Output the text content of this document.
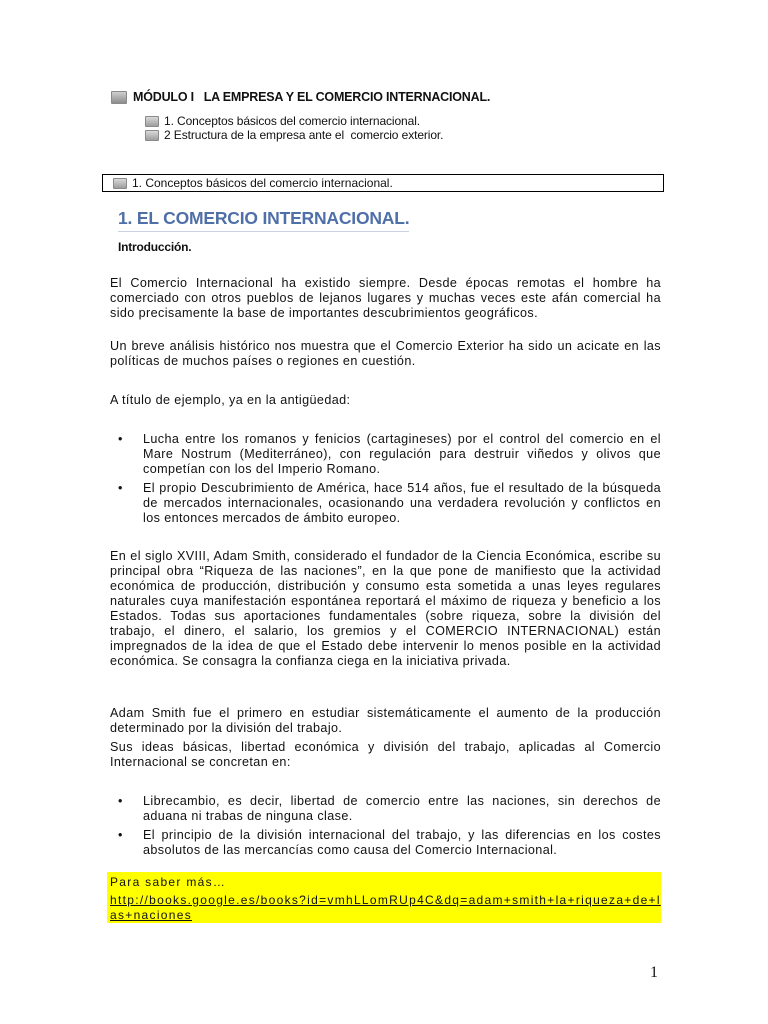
MÓDULO I   LA EMPRESA Y EL COMERCIO INTERNACIONAL.
1. Conceptos básicos del comercio internacional.
2 Estructura de la empresa ante el  comercio exterior.
1. Conceptos básicos del comercio internacional.
1. EL COMERCIO INTERNACIONAL.
Introducción.

El Comercio Internacional ha existido siempre. Desde épocas remotas el hombre ha comerciado con otros pueblos de lejanos lugares y muchas veces este afán comercial ha sido precisamente la base de importantes descubrimientos geográficos.

Un breve análisis histórico nos muestra que el Comercio Exterior ha sido un acicate en las políticas de muchos países o regiones en cuestión.

A título de ejemplo, ya en la antigüedad:

• Lucha entre los romanos y fenicios (cartagineses) por el control del comercio en el Mare Nostrum (Mediterráneo), con regulación para destruir viñedos y olivos que competían con los del Imperio Romano.
• El propio Descubrimiento de América, hace 514 años, fue el resultado de la búsqueda de mercados internacionales, ocasionando una verdadera revolución y conflictos en los entonces mercados de ámbito europeo.

En el siglo XVIII, Adam Smith, considerado el fundador de la Ciencia Económica, escribe su principal obra “Riqueza de las naciones”, en la que pone de manifiesto que la actividad económica de producción, distribución y consumo esta sometida a unas leyes regulares naturales cuya manifestación espontánea reportará el máximo de riqueza y beneficio a los Estados. Todas sus aportaciones fundamentales (sobre riqueza, sobre la división del trabajo, el dinero, el salario, los gremios y el COMERCIO INTERNACIONAL) están impregnados de la idea de que el Estado debe intervenir lo menos posible en la actividad económica. Se consagra la confianza ciega en la iniciativa privada.

Adam Smith fue el primero en estudiar sistemáticamente el aumento de la producción determinado por la división del trabajo.

Sus ideas básicas, libertad económica y división del trabajo, aplicadas al Comercio Internacional se concretan en:

• Librecambio, es decir, libertad de comercio entre las naciones, sin derechos de aduana ni trabas de ninguna clase.
• El principio de la división internacional del trabajo, y las diferencias en los costes absolutos de las mercancías como causa del Comercio Internacional.
Para saber más…
http://books.google.es/books?id=vmhLLomRUp4C&dq=adam+smith+la+riqueza+de+las+naciones
1
